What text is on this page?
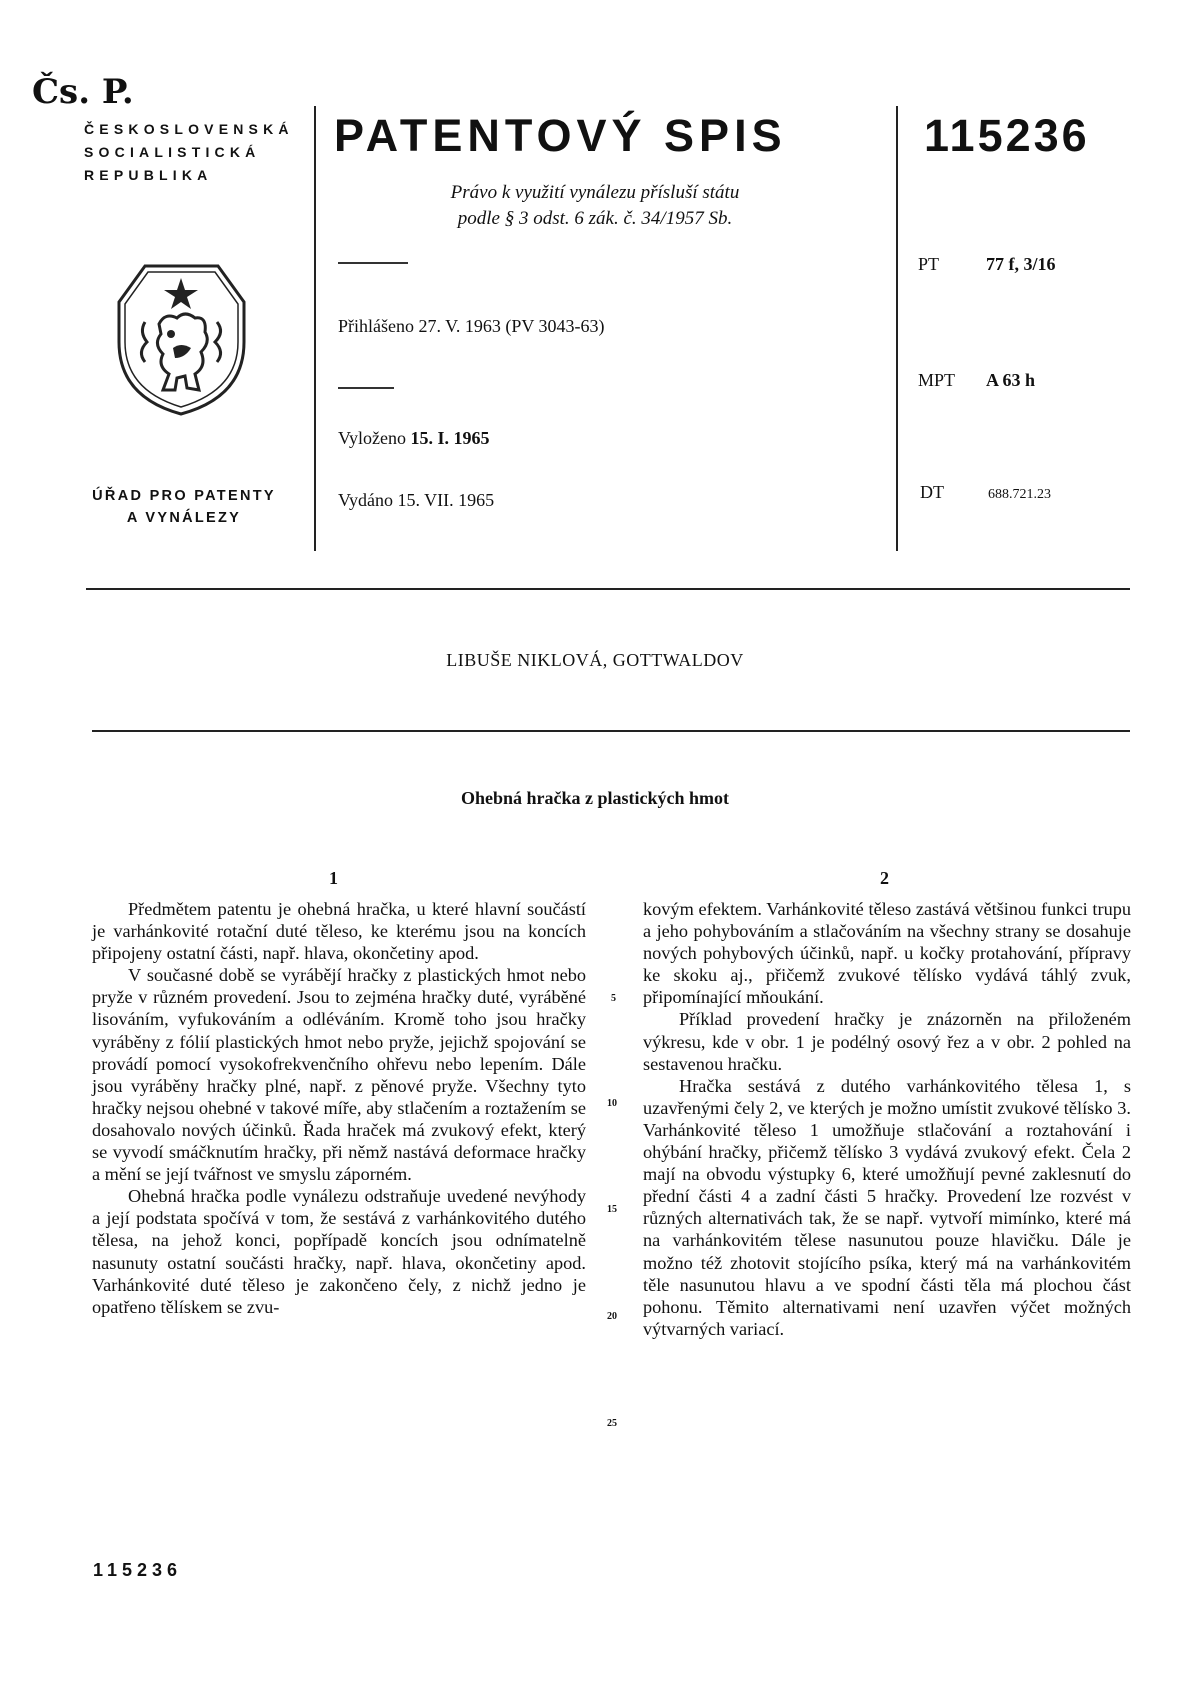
Čs. P.
ČESKOSLOVENSKÁ
SOCIALISTICKÁ
REPUBLIKA
ÚŘAD PRO PATENTY
A VYNÁLEZY
PATENTOVÝ SPIS	115236
Právo k využití vynálezu přísluší státu
podle § 3 odst. 6 zák. č. 34/1957 Sb.
Přihlášeno 27. V. 1963 (PV 3043-63)
Vyloženo 15. I. 1965
Vydáno 15. VII. 1965
PT	77 f, 3/16
MPT A 63 h
DT	688.721.23
LIBUŠE NIKLOVÁ, GOTTWALDOV
Ohebná hračka z plastických hmot
1

Předmětem patentu je ohebná hračka, u které hlavní součástí je varhánkovité rotační duté těleso, ke kterému jsou na koncích připojeny ostatní části, např. hlava, okončetiny apod.

V současné době se vyrábějí hračky z plastických hmot nebo pryže v různém provedení. Jsou to zejména hračky duté, vyráběné lisováním, vyfukováním a odléváním. Kromě toho jsou hračky vyráběny z fólií plastických hmot nebo pryže, jejichž spojování se provádí pomocí vysokofrekvenčního ohřevu nebo lepením. Dále jsou vyráběny hračky plné, např. z pěnové pryže. Všechny tyto hračky nejsou ohebné v takové míře, aby stlačením a roztažením se dosahovalo nových účinků. Řada hraček má zvukový efekt, který se vyvodí smáčknutím hračky, při němž nastává deformace hračky a mění se její tvářnost ve smyslu záporném.

Ohebná hračka podle vynálezu odstraňuje uvedené nevýhody a její podstata spočívá v tom, že sestává z varhánkovitého dutého tělesa, na jehož konci, popřípadě koncích jsou odnímatelně nasunuty ostatní součásti hračky, např. hlava, okončetiny apod. Varhánkovité duté těleso je zakončeno čely, z nichž jedno je opatřeno tělískem se zvu-

5
10
15
20
25
2

kovým efektem. Varhánkovité těleso zastává většinou funkci trupu a jeho pohybováním a stlačováním na všechny strany se dosahuje nových pohybových účinků, např. u kočky protahování, přípravy ke skoku aj., přičemž zvukové tělísko vydává táhlý zvuk, připomínající mňoukání.

Příklad provedení hračky je znázorněn na přiloženém výkresu, kde v obr. 1 je podélný osový řez a v obr. 2 pohled na sestavenou hračku.

Hračka sestává z dutého varhánkovitého tělesa 1, s uzavřenými čely 2, ve kterých je možno umístit zvukové tělísko 3. Varhánkovité těleso 1 umožňuje stlačování a roztahování i ohýbání hračky, přičemž tělísko 3 vydává zvukový efekt. Čela 2 mají na obvodu výstupky 6, které umožňují pevné zaklesnutí do přední části 4 a zadní části 5 hračky. Provedení lze rozvést v různých alternativách tak, že se např. vytvoří mimínko, které má na varhánkovitém tělese nasunutou pouze hlavičku. Dále je možno též zhotovit stojícího psíka, který má na varhánkovitém těle nasunutou hlavu a ve spodní části těla má plochou část pohonu. Těmito alternativami není uzavřen výčet možných výtvarných variací.

115236
